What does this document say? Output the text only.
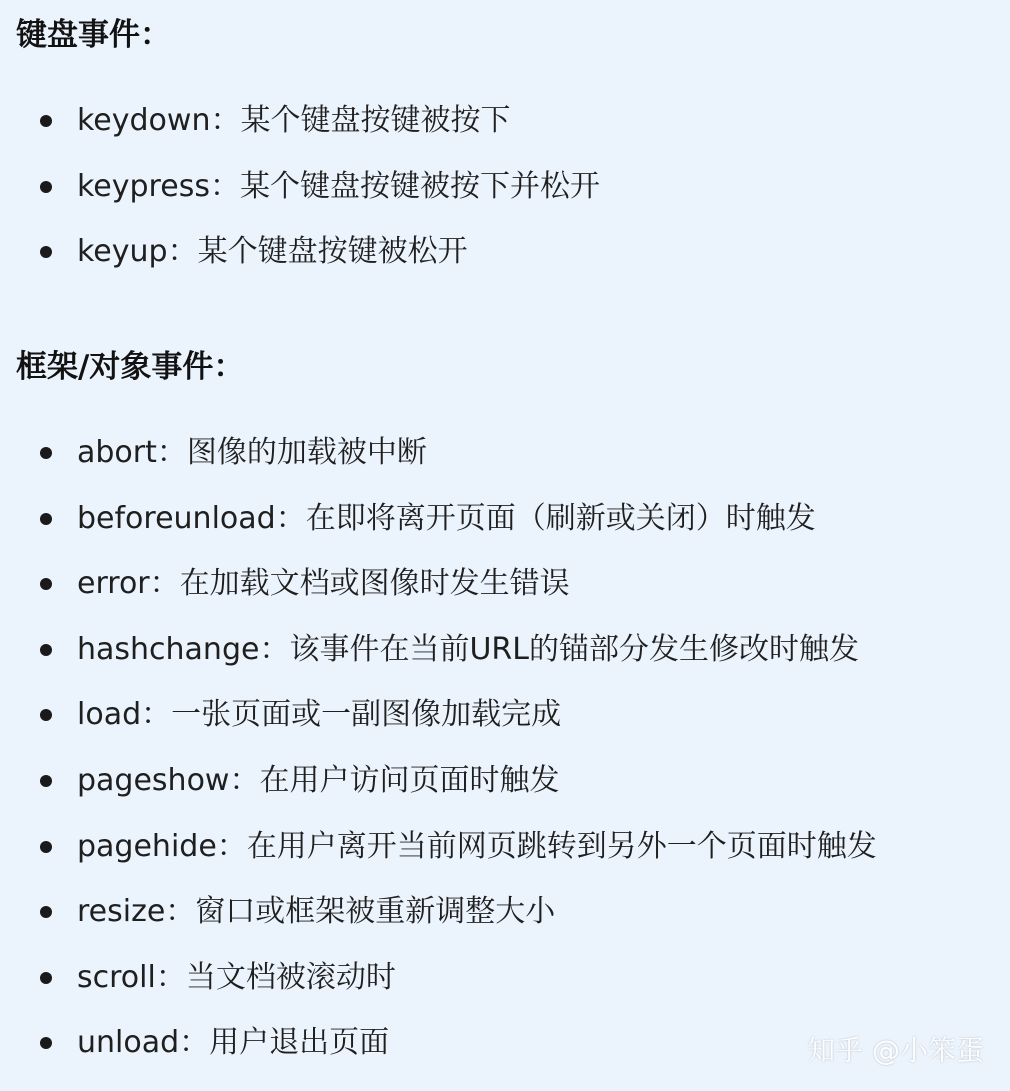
键盘事件：
keydown：某个键盘按键被按下
keypress：某个键盘按键被按下并松开
keyup：某个键盘按键被松开
框架/对象事件：
abort：图像的加载被中断
beforeunload：在即将离开页面（刷新或关闭）时触发
error：在加载文档或图像时发生错误
hashchange：该事件在当前URL的锚部分发生修改时触发
load：一张页面或一副图像加载完成
pageshow：在用户访问页面时触发
pagehide：在用户离开当前网页跳转到另外一个页面时触发
resize：窗口或框架被重新调整大小
scroll：当文档被滚动时
unload：用户退出页面	知乎 @小笨蛋
